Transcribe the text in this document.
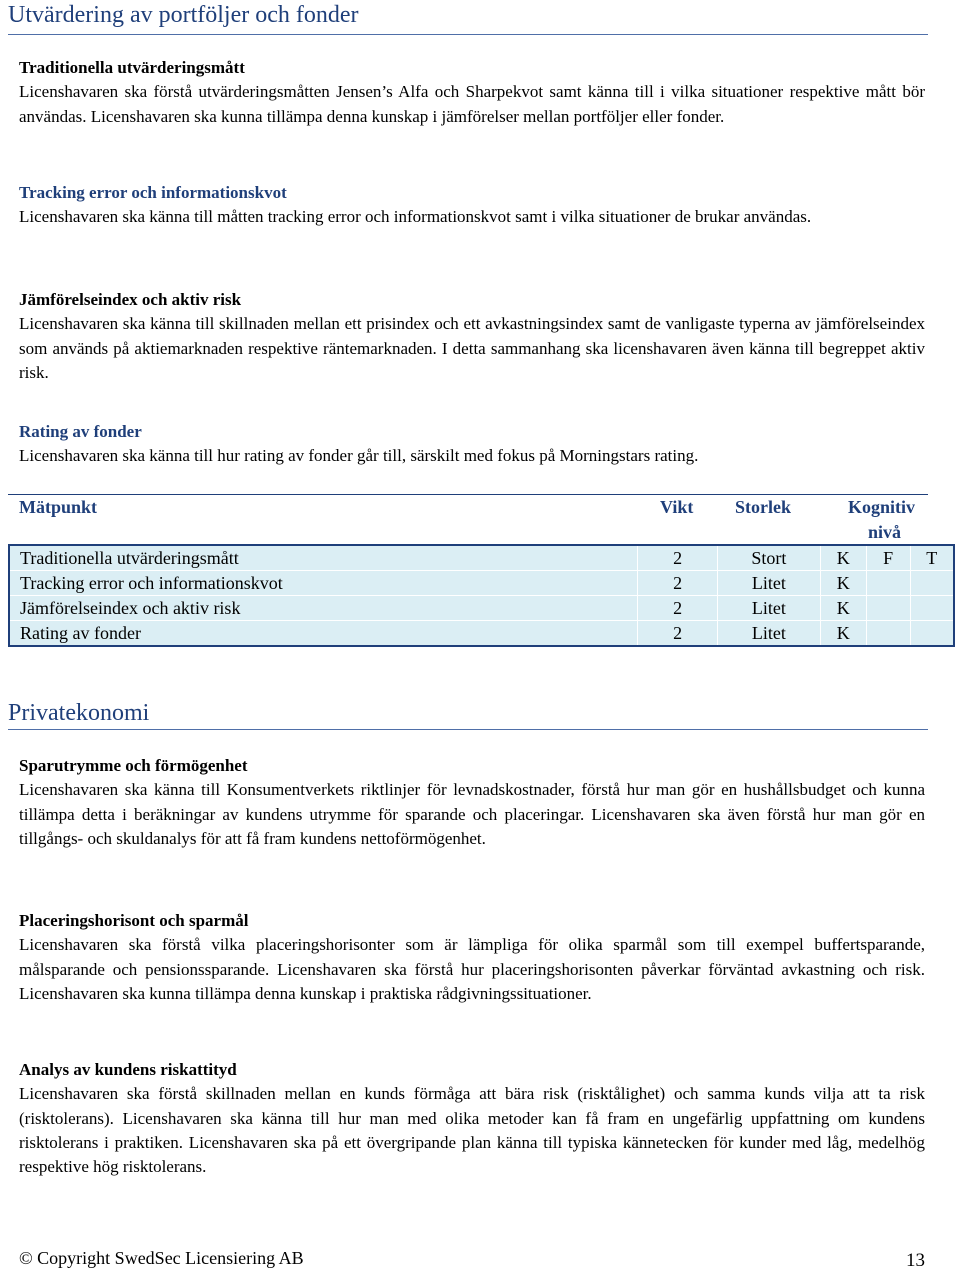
Utvärdering av portföljer och fonder

Traditionella utvärderingsmått

Licenshavaren ska förstå utvärderingsmåtten Jensen’s Alfa och Sharpekvot samt känna till i vilka situationer respektive mått bör användas. Licenshavaren ska kunna tillämpa denna kunskap i jämförelser mellan portföljer eller fonder.

Tracking error och informationskvot

Licenshavaren ska känna till måtten tracking error och informationskvot samt i vilka situationer de brukar användas.

Jämförelseindex och aktiv risk

Licenshavaren ska känna till skillnaden mellan ett prisindex och ett avkastningsindex samt de vanligaste typerna av jämförelseindex som används på aktiemarknaden respektive räntemarknaden. I detta sammanhang ska licenshavaren även känna till begreppet aktiv risk.

Rating av fonder

Licenshavaren ska känna till hur rating av fonder går till, särskilt med fokus på Morningstars rating.

Mätpunkt	Vikt Storlek	Kognitiv
nivå
Traditionella utvärderingsmått	2	Stort	K	F	T
Tracking error och informationskvot	2	Litet	K		
Jämförelseindex och aktiv risk	2	Litet	K		
Rating av fonder	2	Litet	K		
Privatekonomi

Sparutrymme och förmögenhet

Licenshavaren ska känna till Konsumentverkets riktlinjer för levnadskostnader, förstå hur man gör en hushållsbudget och kunna tillämpa detta i beräkningar av kundens utrymme för sparande och placeringar. Licenshavaren ska även förstå hur man gör en tillgångs- och skuldanalys för att få fram kundens nettoförmögenhet.

Placeringshorisont och sparmål

Licenshavaren ska förstå vilka placeringshorisonter som är lämpliga för olika sparmål som till exempel buffertsparande, målsparande och pensionssparande. Licenshavaren ska förstå hur placeringshorisonten påverkar förväntad avkastning och risk. Licenshavaren ska kunna tillämpa denna kunskap i praktiska rådgivningssituationer.

Analys av kundens riskattityd

Licenshavaren ska förstå skillnaden mellan en kunds förmåga att bära risk (risktålighet) och samma kunds vilja att ta risk (risktolerans). Licenshavaren ska känna till hur man med olika metoder kan få fram en ungefärlig uppfattning om kundens risktolerans i praktiken. Licenshavaren ska på ett övergripande plan känna till typiska kännetecken för kunder med låg, medelhög respektive hög risktolerans.

© Copyright SwedSec Licensiering AB	13
